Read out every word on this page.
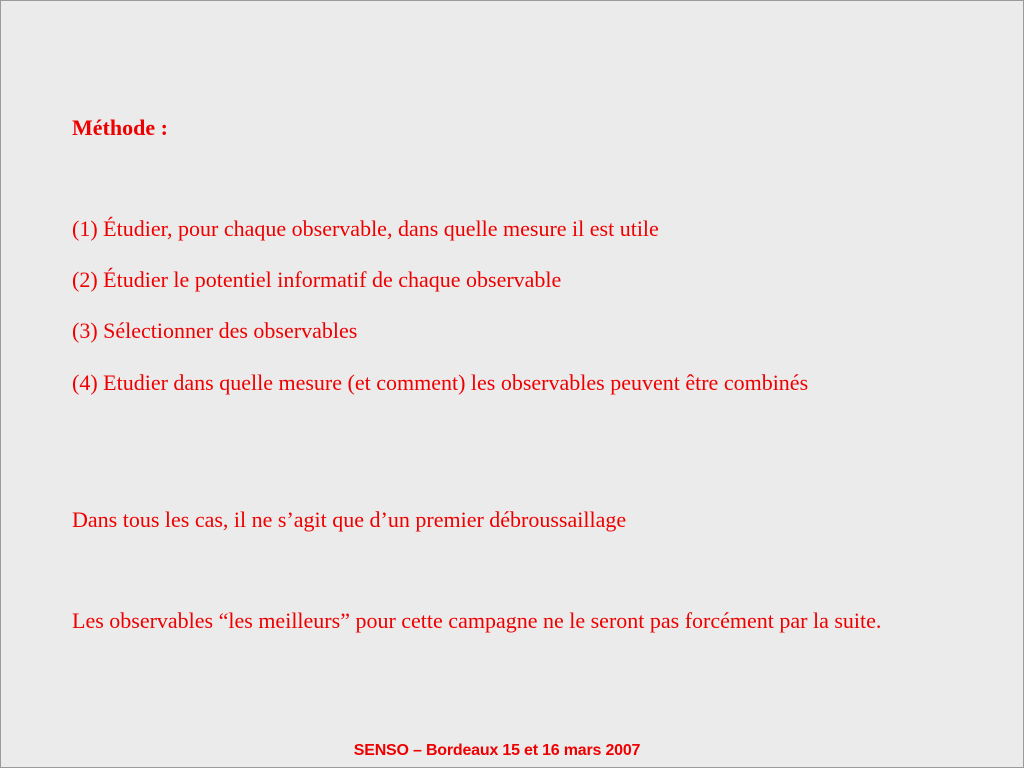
Méthode :
(1) Étudier, pour chaque observable, dans quelle mesure il est utile
(2) Étudier le potentiel informatif de chaque observable
(3) Sélectionner des observables
(4) Etudier dans quelle mesure (et comment) les observables peuvent être combinés
Dans tous les cas, il ne s’agit que d’un premier débroussaillage
Les observables “les meilleurs” pour cette campagne ne le seront pas forcément par la suite.
SENSO – Bordeaux 15 et 16 mars 2007
